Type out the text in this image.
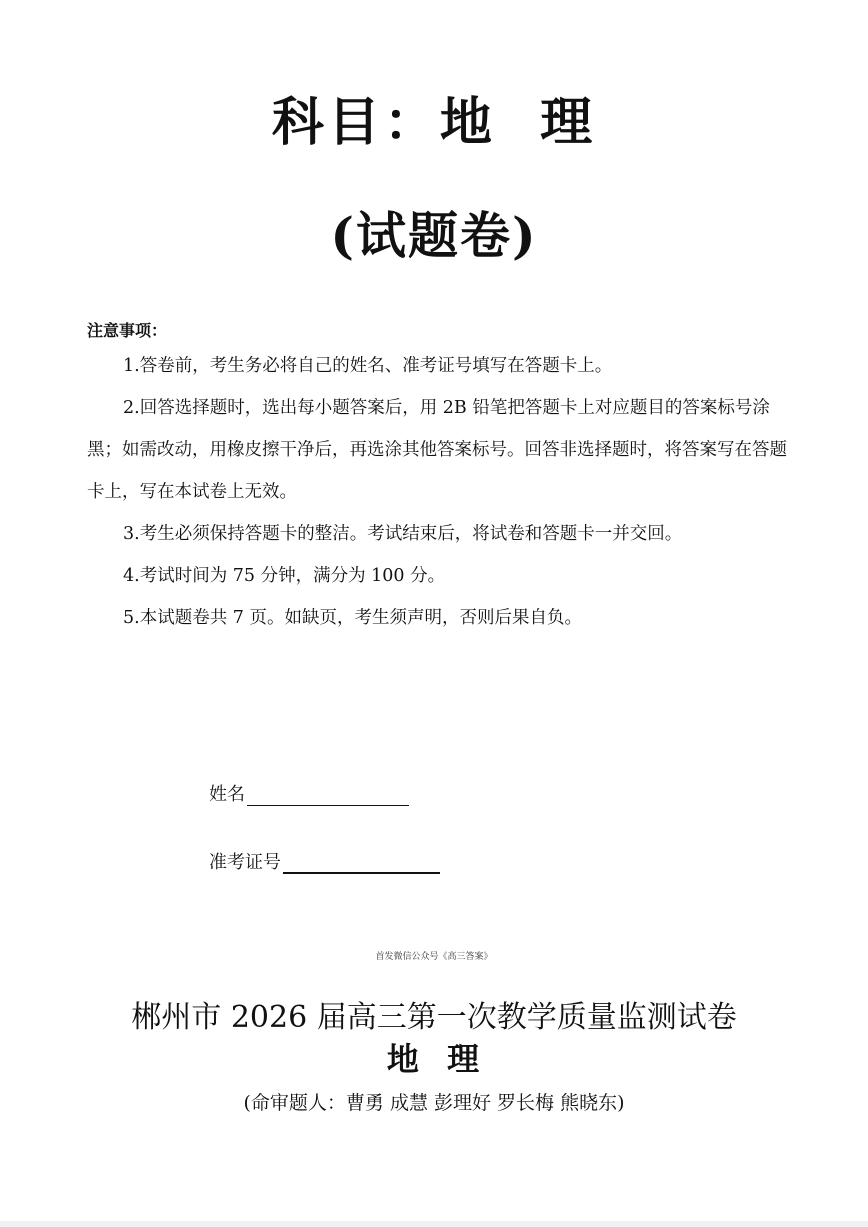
科目：地  理
(试题卷)
注意事项：

1.答卷前，考生务必将自己的姓名、准考证号填写在答题卡上。

2.回答选择题时，选出每小题答案后，用 2B 铅笔把答题卡上对应题目的答案标号涂黑；如需改动，用橡皮擦干净后，再选涂其他答案标号。回答非选择题时，将答案写在答题卡上，写在本试卷上无效。

3.考生必须保持答题卡的整洁。考试结束后，将试卷和答题卡一并交回。

4.考试时间为 75 分钟，满分为 100 分。

5.本试题卷共 7 页。如缺页，考生须声明，否则后果自负。

姓名
准考证号
首发微信公众号《高三答案》
郴州市 2026 届高三第一次教学质量监测试卷
地  理
(命审题人：曹勇 成慧 彭理好 罗长梅 熊晓东)
